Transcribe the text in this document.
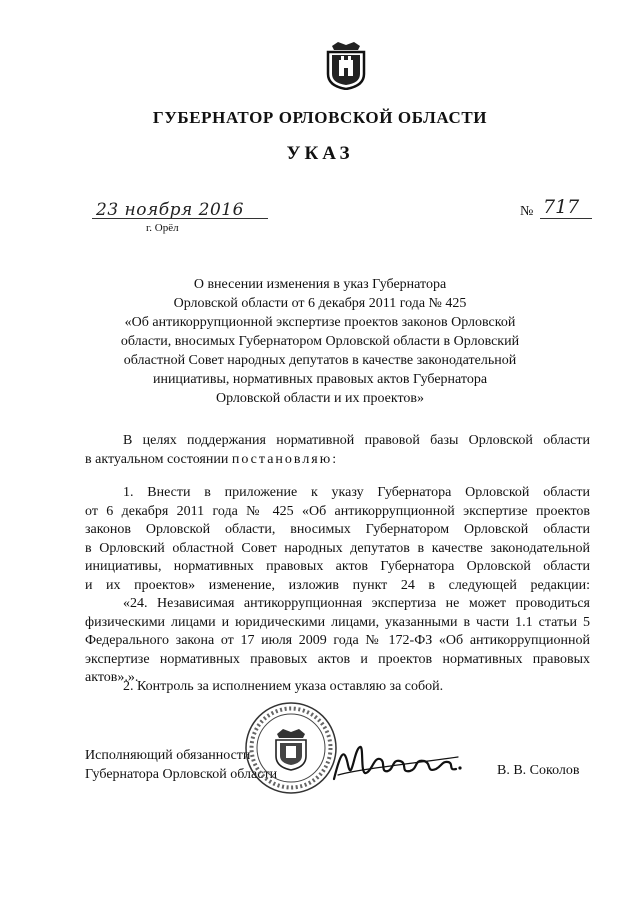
ГУБЕРНАТОР ОРЛОВСКОЙ ОБЛАСТИ
УКАЗ
23 ноября 2016
г. Орёл
№ 717
О внесении изменения в указ Губернатора
Орловской области от 6 декабря 2011 года № 425
«Об антикоррупционной экспертизе проектов законов Орловской
области, вносимых Губернатором Орловской области в Орловский
областной Совет народных депутатов в качестве законодательной
инициативы, нормативных правовых актов Губернатора
Орловской области и их проектов»
В целях поддержания нормативной правовой базы Орловской области
в актуальном состоянии постановляю:
1. Внести в приложение к указу Губернатора Орловской области
от 6 декабря 2011 года № 425 «Об антикоррупционной экспертизе проектов
законов Орловской области, вносимых Губернатором Орловской области
в Орловский областной Совет народных депутатов в качестве законодательной
инициативы, нормативных правовых актов Губернатора Орловской области
и их проектов» изменение, изложив пункт 24 в следующей редакции:
«24. Независимая антикоррупционная экспертиза не может проводиться
физическими лицами и юридическими лицами, указанными в части 1.1 статьи 5
Федерального закона от 17 июля 2009 года № 172-ФЗ «Об антикоррупционной
экспертизе нормативных правовых актов и проектов нормативных правовых
актов».».
2. Контроль за исполнением указа оставляю за собой.
Исполняющий обязанности
Губернатора Орловской области	В. В. Соколов
